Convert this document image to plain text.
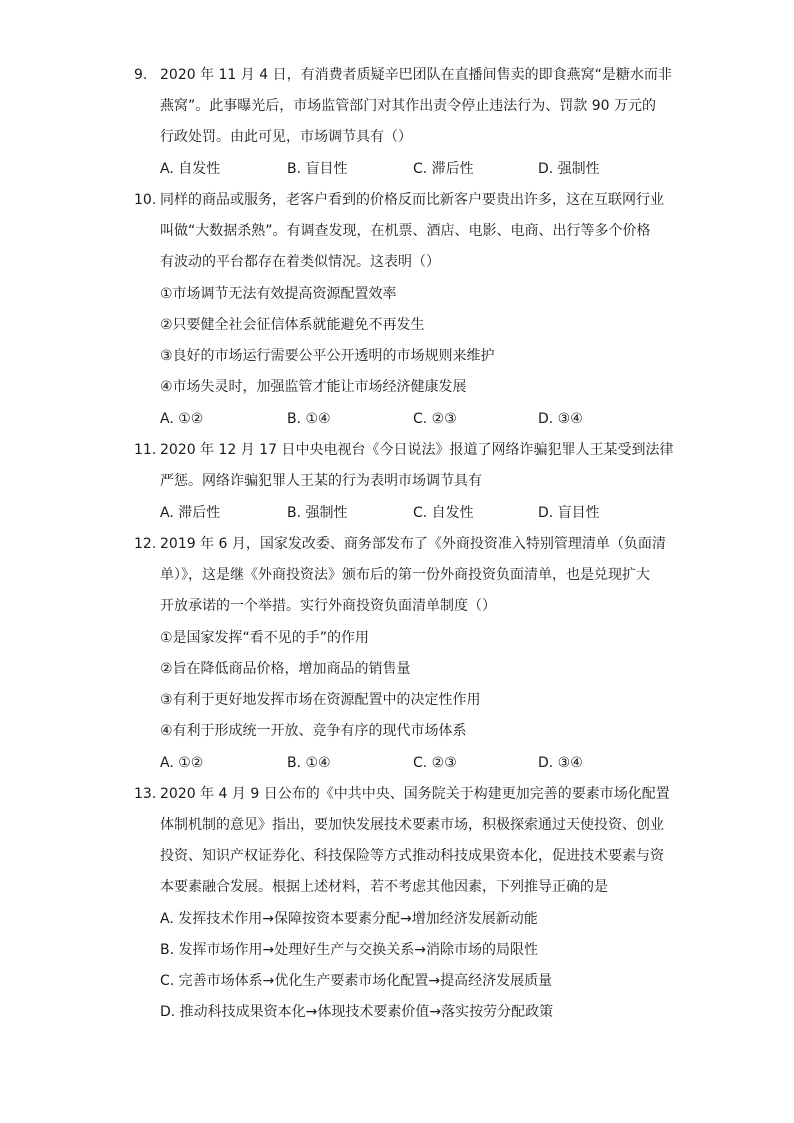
9. 2020 年 11 月 4 日，有消费者质疑辛巴团队在直播间售卖的即食燕窝“是糖水而非
燕窝”。此事曝光后，市场监管部门对其作出责令停止违法行为、罚款 90 万元的
行政处罚。由此可见，市场调节具有（）
A. 自发性	B. 盲目性	C. 滞后性	D. 强制性
10. 同样的商品或服务，老客户看到的价格反而比新客户要贵出许多，这在互联网行业
叫做“大数据杀熟”。有调查发现，在机票、酒店、电影、电商、出行等多个价格
有波动的平台都存在着类似情况。这表明（）
①市场调节无法有效提高资源配置效率
②只要健全社会征信体系就能避免不再发生
③良好的市场运行需要公平公开透明的市场规则来维护
④市场失灵时，加强监管才能让市场经济健康发展
A. ①②	B. ①④	C. ②③	D. ③④
11. 2020 年 12 月 17 日中央电视台《今日说法》报道了网络诈骗犯罪人王某受到法律
严惩。网络诈骗犯罪人王某的行为表明市场调节具有
A. 滞后性	B. 强制性	C. 自发性	D. 盲目性
12. 2019 年 6 月，国家发改委、商务部发布了《外商投资准入特别管理清单（负面清
单）》，这是继《外商投资法》颁布后的第一份外商投资负面清单，也是兑现扩大
开放承诺的一个举措。实行外商投资负面清单制度（）
①是国家发挥“看不见的手”的作用
②旨在降低商品价格，增加商品的销售量
③有利于更好地发挥市场在资源配置中的决定性作用
④有利于形成统一开放、竞争有序的现代市场体系
A. ①②	B. ①④	C. ②③	D. ③④
13. 2020 年 4 月 9 日公布的《中共中央、国务院关于构建更加完善的要素市场化配置
体制机制的意见》指出，要加快发展技术要素市场，积极探索通过天使投资、创业
投资、知识产权证券化、科技保险等方式推动科技成果资本化，促进技术要素与资
本要素融合发展。根据上述材料，若不考虑其他因素，下列推导正确的是
A. 发挥技术作用→保障按资本要素分配→增加经济发展新动能
B. 发挥市场作用→处理好生产与交换关系→消除市场的局限性
C. 完善市场体系→优化生产要素市场化配置→提高经济发展质量
D. 推动科技成果资本化→体现技术要素价值→落实按劳分配政策
